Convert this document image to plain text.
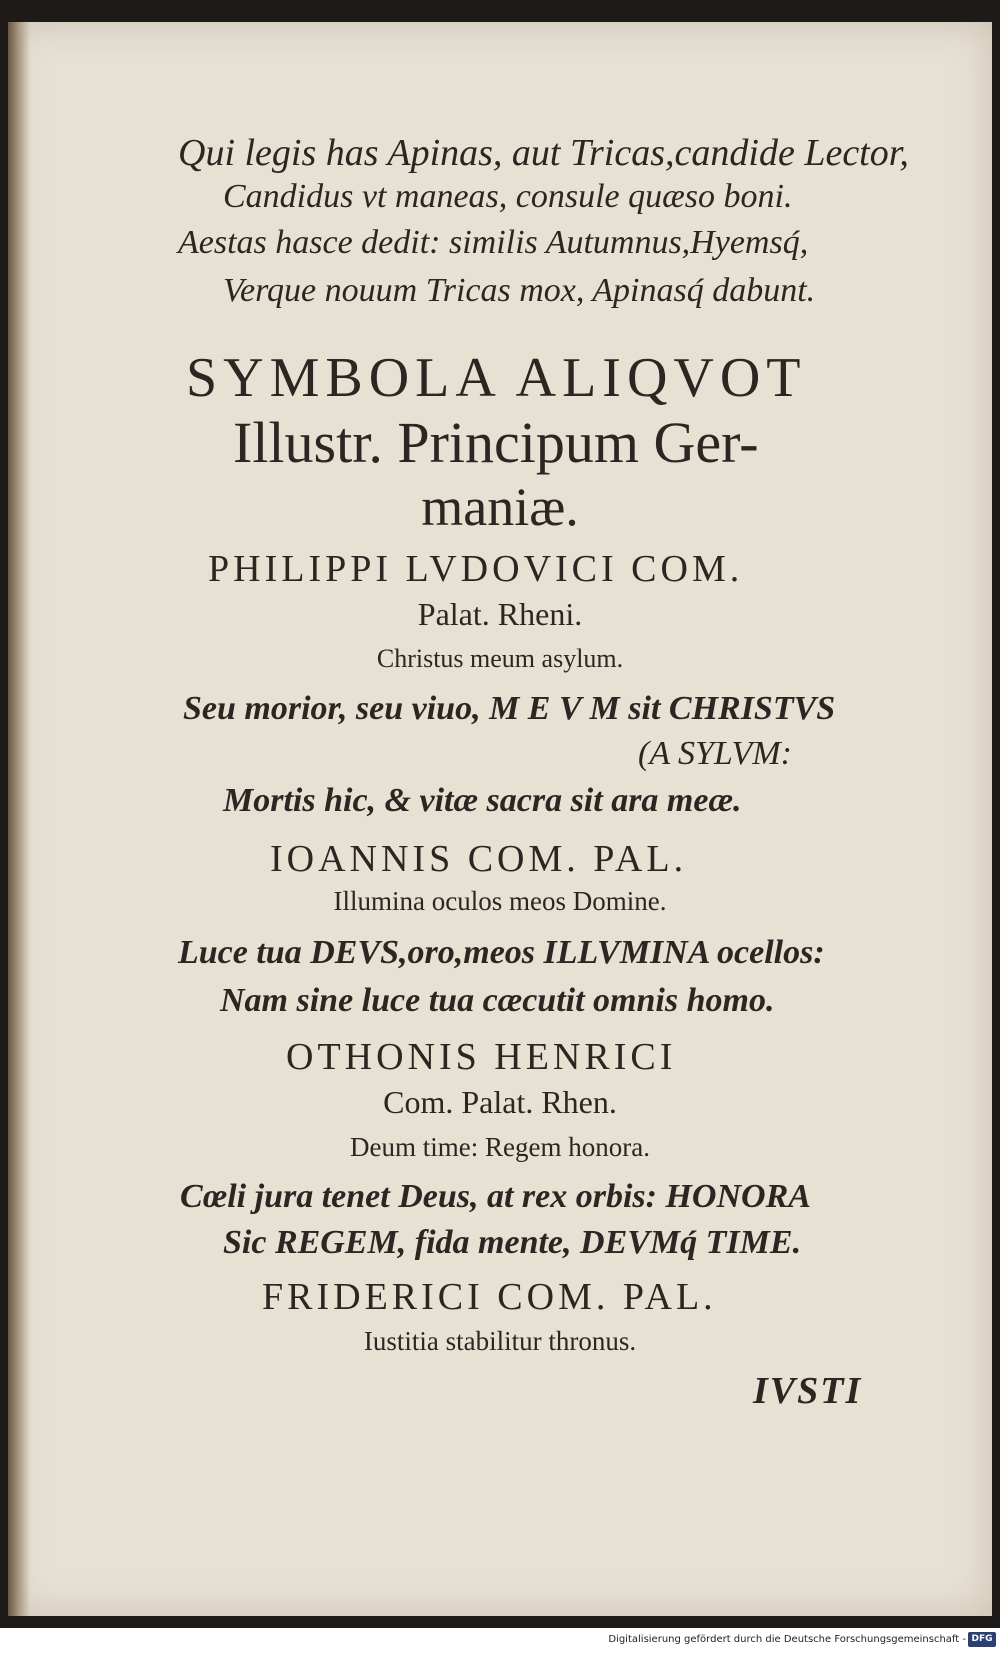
Qui legis has Apinas, aut Tricas,candide Lector,
Candidus vt maneas, consule quæso boni.
Aestas hasce dedit: similis Autumnus,Hyemsq́,
Verque nouum Tricas mox, Apinasq́ dabunt.
SYMBOLA ALIQVOT
Illustr. Principum Ger-
maniæ.
PHILIPPI LVDOVICI COM.
Palat. Rheni.
Christus meum asylum.
Seu morior, seu viuo, M E V M sit CHRISTVS
(A SYLVM:
Mortis hic, & vitæ sacra sit ara meæ.
IOANNIS COM. PAL.
Illumina oculos meos Domine.
Luce tua DEVS,oro,meos ILLVMINA ocellos:
Nam sine luce tua cæcutit omnis homo.
OTHONIS HENRICI
Com. Palat. Rhen.
Deum time: Regem honora.
Cœli jura tenet Deus, at rex orbis: HONORA
Sic REGEM, fida mente, DEVMq́ TIME.
FRIDERICI COM. PAL.
Iustitia stabilitur thronus.
IVSTI
Digitalisierung gefördert durch die Deutsche Forschungsgemeinschaft - DFG
